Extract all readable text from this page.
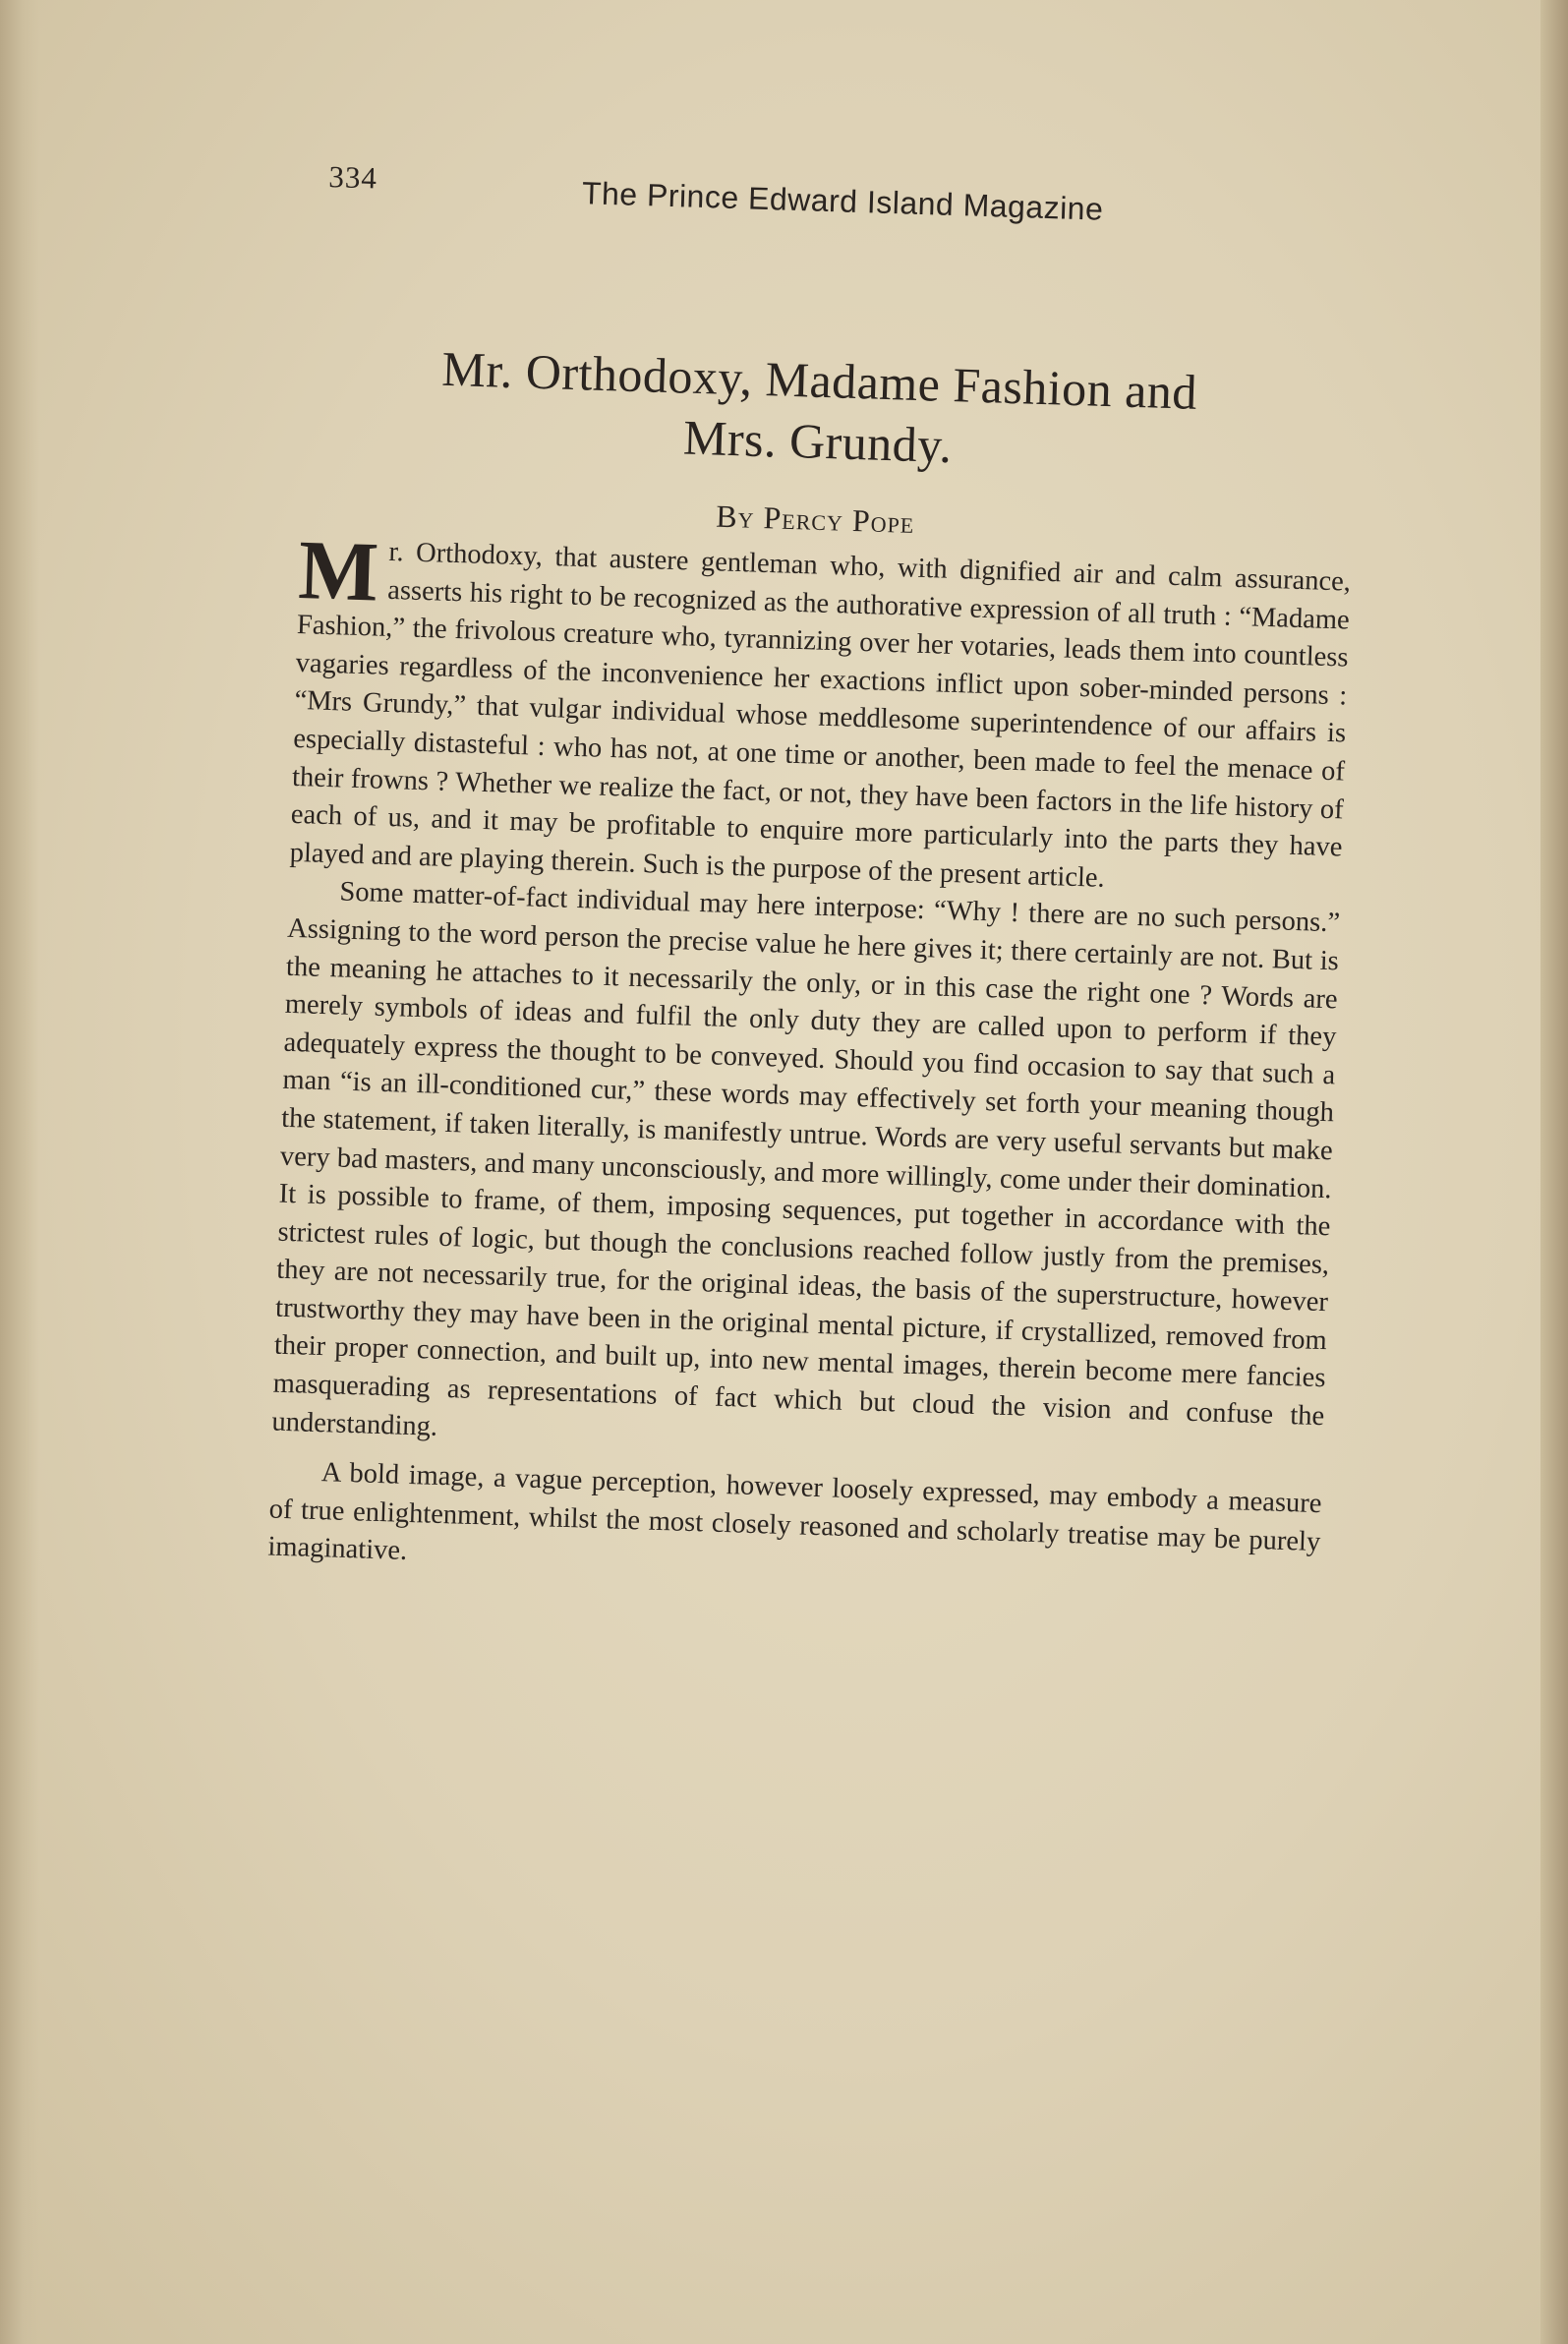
334	The Prince Edward Island Magazine
Mr. Orthodoxy, Madame Fashion and
Mrs. Grundy.
By Percy Pope

Mr. Orthodoxy, that austere gentleman who, with dignified air and calm assurance, asserts his right to be recognized as the authorative expression of all truth : “Madame Fashion,” the frivolous creature who, tyrannizing over her votaries, leads them into countless vagaries regardless of the inconvenience her exactions inflict upon sober-minded persons : “Mrs Grundy,” that vulgar individual whose meddlesome superintendence of our affairs is especially distasteful : who has not, at one time or another, been made to feel the menace of their frowns ? Whether we realize the fact, or not, they have been factors in the life history of each of us, and it may be profitable to enquire more particularly into the parts they have played and are playing therein. Such is the purpose of the present article.

Some matter-of-fact individual may here interpose: “Why ! there are no such persons.” Assigning to the word person the precise value he here gives it; there certainly are not. But is the meaning he attaches to it necessarily the only, or in this case the right one ? Words are merely symbols of ideas and fulfil the only duty they are called upon to perform if they adequately express the thought to be conveyed. Should you find occasion to say that such a man “is an ill-conditioned cur,” these words may effectively set forth your meaning though the statement, if taken literally, is manifestly untrue. Words are very useful servants but make very bad masters, and many unconsciously, and more willingly, come under their domination. It is possible to frame, of them, imposing sequences, put together in accordance with the strictest rules of logic, but though the conclusions reached follow justly from the premises, they are not necessarily true, for the original ideas, the basis of the superstructure, however trustworthy they may have been in the original mental picture, if crystallized, removed from their proper connection, and built up, into new mental images, therein become mere fancies masquerading as representations of fact which but cloud the vision and confuse the understanding.

A bold image, a vague perception, however loosely expressed, may embody a measure of true enlightenment, whilst the most closely reasoned and scholarly treatise may be purely imaginative.
